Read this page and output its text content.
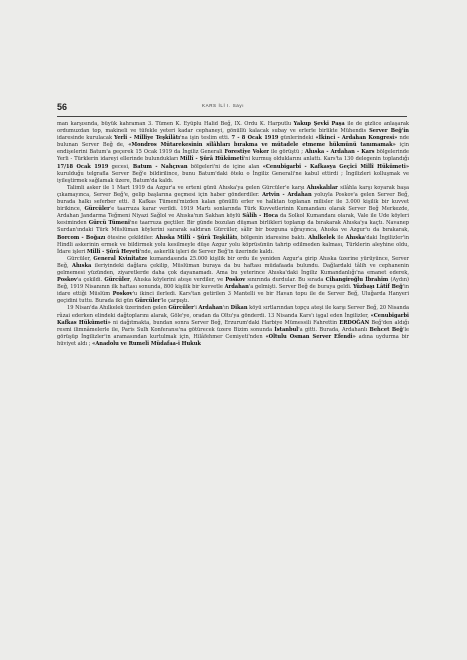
56	KARS İLİ I. Sayı

man karşısında, büyük kahraman 3. Tümen K. Eyüplu Halid Beğ, IX. Ordu K. Harputlu Yakup Şevki Paşa ile de gizlice anlaşarak ordumuzdan top, makineli ve tüfekle yeteri kadar cephaneyi, gönüllü kalacak subay ve erlerle birlikte Mühendis Server Beğ'in idaresinde kurulacak Yerli - Millîye Teşkilâtı'na işin teslim etti. 7 - 8 Ocak 1919 günlerindeki «İkinci - Ardahan Kongresi» nde bulunan Server Beğ de, «Mondros Mütarekesinin silâhları bırakma ve mütadele etmeme hükmünü tanımamak» için endişelerini Batum'a geçerek 15 Ocak 1919 da İngiliz Generali Forestiye Voker ile görüştü ; Ahıska - Ardahan - Kars bölgelerinde Yerli - Türklerin idareyi ellerinde bulundukları Millî - Şûrâ Hükûmeti'ni kurmuş olduklarını anlattı. Kars'ta 130 delegenin toplandığı 17/18 Ocak 1919 gecesi, Batum - Nahçıvan bölgeleri'ni de içine alan «Cenubigarbi - Kafkasya Geçici Millî Hükûmeti» kurulduğu telgrafla Server Beğ'e bildirilince, bunu Batum'daki ötekı o İngiliz Generali'ne kabul ettirdi ; İngilizleri kolluşmak ve iyileştirmek sağlamak üzere, Batum'da kaldı.

Talimli asker ile 1 Mart 1919 da Azgur'a ve erteni günü Ahıska'ya gelen Gürcüler'e karşı Ahıskalılar silâhla karşı koyarak başa çıkamayınca, Server Beğ'e, gelip başlarına geçmesi için haber gönderdiler. Artvin - Ardahan yoluyla Poskov'a gelen Server Beğ, burada halkı seferber etti. 8 Kafkas Tümeni'mizden kalan gönüllü erler ve halktan toplanan milisler ile 3.000 kişilik bir kuvvet birikince, Gürcüler'e taarruza karar verildi. 1919 Martı sonlarında Türk Kuvvetlerinin Kumandanı olarak Server Beğ Merkezde, Ardahan Jandarma Teğmeni Niyazi Sağlol ve Ahıska'nın Sakhan köylü Sâlih - Hoca da Solkol Kumandanı olarak, Vale ile Ude köyleri kesiminden Gürcü Tümeni'ne taarruza geçtiler. Bir günde bozulan düşman birlikleri toplanıp da bırakarak Ahıska'ya kaçtı. Navanep Surdan'ındaki Türk Müslüman köylerini sararak saldıran Gürcüler, sâlir bir bozguna uğrayınca, Ahıska ve Azgur'u da bırakarak, Borcom - Boğazı ötesine çekildiler. Ahıska Millî - Şûrâ Teşkilâtı, bölgenin idaresine baktı. Ahılkelek ile Ahıska'daki İngilizler'in Hindli askerinin ermek ve bildirmek yolu kesilmeyle düşe Azgur yolu köprüsünün tahrip edilmeden kalması, Türklerin aleyhine oldu, İdare işleri Millî - Şûrâ Heyeti'nde, askerlik işleri de Server Beğ'in üzerinde kaldı.

Gürcüler, General Kvinitatze kumandasında 25.000 kişilik bir ordu ile yeniden Azgur'a girip Ahıska üzerine yürüyünce, Server Beğ, Ahıska ileriyindeki dağlara çekilip, Müslüman buraya da bu haftası müdafaada bulundu. Dağlardaki tâlih ve cephanenin gelmemesi yüzünden, ziyaretlerde daha çok dayanamadı. Ama bu yeterince Ahıska'daki İngiliz Kumandanlığı'na emanet ederek, Poskov'a çekildi. Gürcüler, Ahıska köylerini ateşe verdiler, ve Poskov sınırında durdular. Bu sırada Cihangiroğlu İbrahim (Aydın) Beğ, 1919 Nisanının ilk haftası sonunda, 800 kişilik bir kuvvetle Ardahan'a gelmişti. Server Beğ de buraya geldi. Yüzbaşı Lâtif Beğ'in idare ettiği Müslüm Poskov'u ikinci ilerledi. Kars'tan getirilen 3 Mantelli ve bir Havan topu ile de Server Beğ, Uluğarda Hanyeri geçidini tuttu. Burada iki gün Gürcüler'le çarpıştı.

19 Nisan'da Ahılkelek üzerinden gelen Gürcüler'i Ardahan'ın Dikan köyü sırtlarından topçu ateşi ile karşı Server Beğ, 20 Nisanda rûzai ederken elindeki dağtoplarını alarak, Göle'ye, oradan da Oltu'ya gönderdi. 13 Nisanda Kars'ı işgal eden İngilizler, «Cenubigarbi Kafkas Hükûmeti» ni dağıtmakta, bundan sonra Server Beğ, Erzurum'daki Harbiye Mümessili Fahrettin ERDOĞAN Beğ'den aldığı resmi ilimnâmelerle ile, Paris Sulh Konferansı'na götürecek üzere Bizim sonunda İstanbul'a gitti. Burada, Ardahanlı Behcet Beğ'le görüşüp İngilizler'in aramasından kurtulmak için, Hilâfehmer Cemiyeti'nden «Oltulu Osman Server Efendi» adına uydurma bir hüviyet aldı ; «Anadolu ve Rumeli Müdafaa-i Hukuk
